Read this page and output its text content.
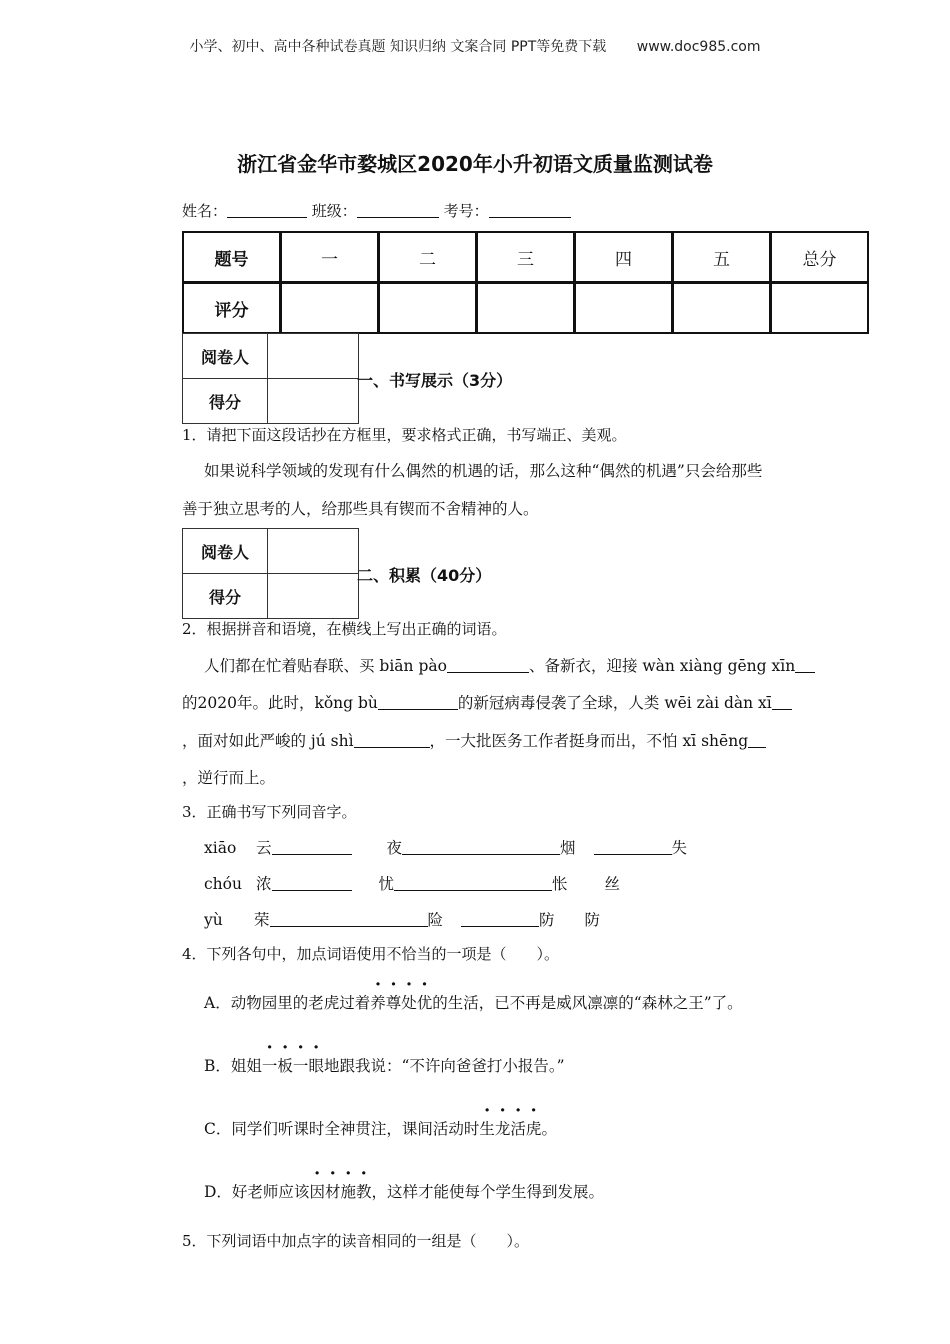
小学、初中、高中各种试卷真题 知识归纳 文案合同 PPT等免费下载 www.doc985.com
浙江省金华市婺城区2020年小升初语文质量监测试卷
姓名：	班级：	考号：
题号	一	二	三	四	五	总分
评分						
阅卷人	
得分	
一、书写展示（3分）
1．请把下面这段话抄在方框里，要求格式正确，书写端正、美观。
如果说科学领域的发现有什么偶然的机遇的话，那么这种“偶然的机遇”只会给那些
善于独立思考的人，给那些具有锲而不舍精神的人。
阅卷人	
得分	
二、积累（40分）
2．根据拼音和语境，在横线上写出正确的词语。
人们都在忙着贴春联、买 biān pào	、备新衣，迎接 wàn xiàng gēng xīn
的2020年。此时，kǒng bù	的新冠病毒侵袭了全球，人类 wēi zài dàn xī
，面对如此严峻的 jú shì	，一大批医务工作者挺身而出，不怕 xī shēng
，逆行而上。
3．正确书写下列同音字。
xiāo 云	夜	烟	失
chóu 浓	忧	怅 丝
yù 荣	险	防 防
4．下列各句中，加点词语使用不恰当的一项是（　　）。
A．动物园里的老虎过着养尊处优的生活，已不再是威风凛凛的“森林之王”了。
B．姐姐一板一眼地跟我说：“不许向爸爸打小报告。”
C．同学们听课时全神贯注，课间活动时生龙活虎。
D．好老师应该因材施教，这样才能使每个学生得到发展。
5．下列词语中加点字的读音相同的一组是（　　）。
